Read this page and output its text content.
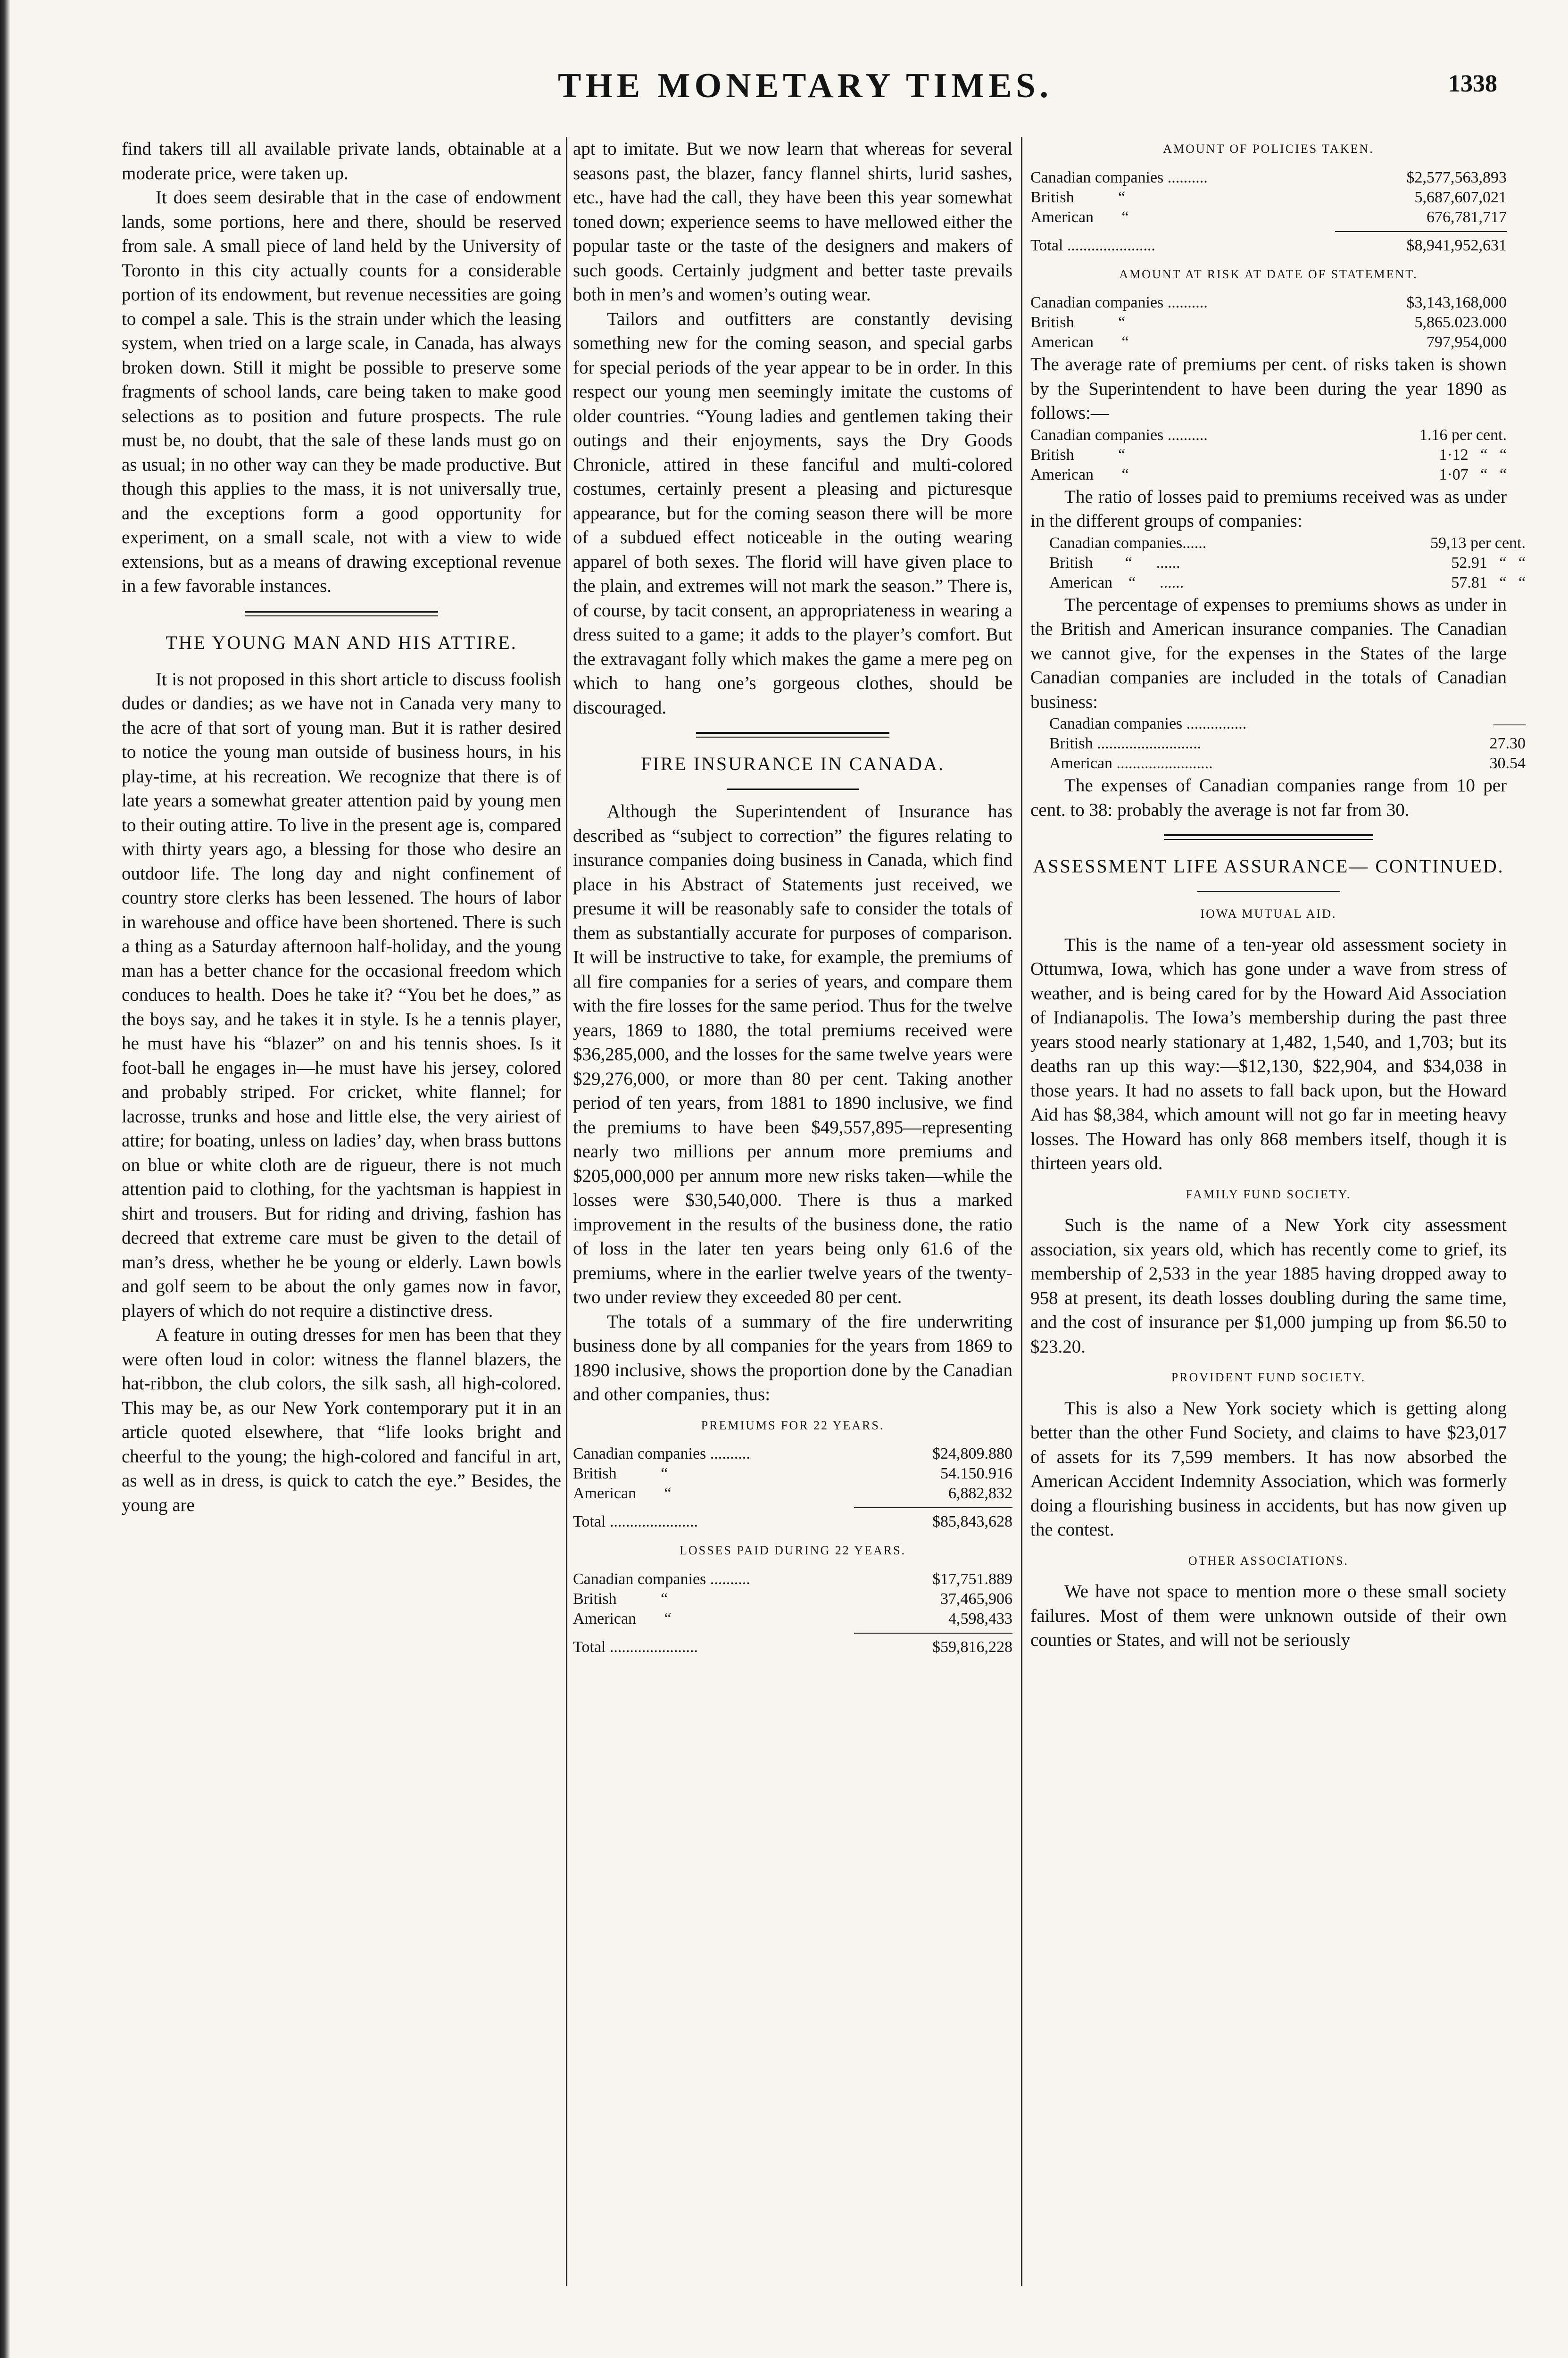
THE MONETARY TIMES.	1338

find takers till all available private lands, obtainable at a moderate price, were taken up.

It does seem desirable that in the case of endowment lands, some portions, here and there, should be reserved from sale. A small piece of land held by the University of Toronto in this city actually counts for a considerable portion of its endowment, but revenue necessities are going to compel a sale. This is the strain under which the leasing system, when tried on a large scale, in Canada, has always broken down. Still it might be possible to preserve some fragments of school lands, care being taken to make good selections as to position and future prospects. The rule must be, no doubt, that the sale of these lands must go on as usual; in no other way can they be made productive. But though this applies to the mass, it is not universally true, and the exceptions form a good opportunity for experiment, on a small scale, not with a view to wide extensions, but as a means of drawing exceptional revenue in a few favorable instances.

THE YOUNG MAN AND HIS ATTIRE.

It is not proposed in this short article to discuss foolish dudes or dandies; as we have not in Canada very many to the acre of that sort of young man. But it is rather desired to notice the young man outside of business hours, in his play-time, at his recreation. We recognize that there is of late years a somewhat greater attention paid by young men to their outing attire. To live in the present age is, compared with thirty years ago, a blessing for those who desire an outdoor life. The long day and night confinement of country store clerks has been lessened. The hours of labor in warehouse and office have been shortened. There is such a thing as a Saturday afternoon half-holiday, and the young man has a better chance for the occasional freedom which conduces to health. Does he take it? “You bet he does,” as the boys say, and he takes it in style. Is he a tennis player, he must have his “blazer” on and his tennis shoes. Is it foot-ball he engages in—he must have his jersey, colored and probably striped. For cricket, white flannel; for lacrosse, trunks and hose and little else, the very airiest of attire; for boating, unless on ladies’ day, when brass buttons on blue or white cloth are de rigueur, there is not much attention paid to clothing, for the yachtsman is happiest in shirt and trousers. But for riding and driving, fashion has decreed that extreme care must be given to the detail of man’s dress, whether he be young or elderly. Lawn bowls and golf seem to be about the only games now in favor, players of which do not require a distinctive dress.

A feature in outing dresses for men has been that they were often loud in color: witness the flannel blazers, the hat-ribbon, the club colors, the silk sash, all high-colored. This may be, as our New York contemporary put it in an article quoted elsewhere, that “life looks bright and cheerful to the young; the high-colored and fanciful in art, as well as in dress, is quick to catch the eye.” Besides, the young are

apt to imitate. But we now learn that whereas for several seasons past, the blazer, fancy flannel shirts, lurid sashes, etc., have had the call, they have been this year somewhat toned down; experience seems to have mellowed either the popular taste or the taste of the designers and makers of such goods. Certainly judgment and better taste prevails both in men’s and women’s outing wear.

Tailors and outfitters are constantly devising something new for the coming season, and special garbs for special periods of the year appear to be in order. In this respect our young men seemingly imitate the customs of older countries. “Young ladies and gentlemen taking their outings and their enjoyments, says the Dry Goods Chronicle, attired in these fanciful and multi-colored costumes, certainly present a pleasing and picturesque appearance, but for the coming season there will be more of a subdued effect noticeable in the outing wearing apparel of both sexes. The florid will have given place to the plain, and extremes will not mark the season.” There is, of course, by tacit consent, an appropriateness in wearing a dress suited to a game; it adds to the player’s comfort. But the extravagant folly which makes the game a mere peg on which to hang one’s gorgeous clothes, should be discouraged.

FIRE INSURANCE IN CANADA.

Although the Superintendent of Insurance has described as “subject to correction” the figures relating to insurance companies doing business in Canada, which find place in his Abstract of Statements just received, we presume it will be reasonably safe to consider the totals of them as substantially accurate for purposes of comparison. It will be instructive to take, for example, the premiums of all fire companies for a series of years, and compare them with the fire losses for the same period. Thus for the twelve years, 1869 to 1880, the total premiums received were $36,285,000, and the losses for the same twelve years were $29,276,000, or more than 80 per cent. Taking another period of ten years, from 1881 to 1890 inclusive, we find the premiums to have been $49,557,895—representing nearly two millions per annum more premiums and $205,000,000 per annum more new risks taken—while the losses were $30,540,000. There is thus a marked improvement in the results of the business done, the ratio of loss in the later ten years being only 61.6 of the premiums, where in the earlier twelve years of the twenty-two under review they exceeded 80 per cent.

The totals of a summary of the fire underwriting business done by all companies for the years from 1869 to 1890 inclusive, shows the proportion done by the Canadian and other companies, thus:

PREMIUMS FOR 22 YEARS.
Canadian companies ..........	$24,809.880
British           “	54.150.916
American       “	6,882,832
Total ......................	$85,843,628
LOSSES PAID DURING 22 YEARS.
Canadian companies ..........	$17,751.889
British           “	37,465,906
American       “	4,598,433
Total ......................	$59,816,228
AMOUNT OF POLICIES TAKEN.
Canadian companies ..........	$2,577,563,893
British           “	5,687,607,021
American       “	676,781,717
Total ......................	$8,941,952,631
AMOUNT AT RISK AT DATE OF STATEMENT.
Canadian companies ..........	$3,143,168,000
British           “	5,865.023.000
American       “	797,954,000

The average rate of premiums per cent. of risks taken is shown by the Superintendent to have been during the year 1890 as follows:—

Canadian companies ..........	1.16 per cent.
British           “	1·12   “   “
American       “	1·07   “   “

The ratio of losses paid to premiums received was as under in the different groups of companies:

Canadian companies......	59,13 per cent.
British        “      ......	52.91   “   “
American    “      ......	57.81   “   “

The percentage of expenses to premiums shows as under in the British and American insurance companies. The Canadian we cannot give, for the expenses in the States of the large Canadian companies are included in the totals of Canadian business:

Canadian companies ...............	——
British ..........................	27.30
American ........................	30.54

The expenses of Canadian companies range from 10 per cent. to 38: probably the average is not far from 30.

ASSESSMENT LIFE ASSURANCE— CONTINUED.
IOWA MUTUAL AID.

This is the name of a ten-year old assessment society in Ottumwa, Iowa, which has gone under a wave from stress of weather, and is being cared for by the Howard Aid Association of Indianapolis. The Iowa’s membership during the past three years stood nearly stationary at 1,482, 1,540, and 1,703; but its deaths ran up this way:—$12,130, $22,904, and $34,038 in those years. It had no assets to fall back upon, but the Howard Aid has $8,384, which amount will not go far in meeting heavy losses. The Howard has only 868 members itself, though it is thirteen years old.

FAMILY FUND SOCIETY.

Such is the name of a New York city assessment association, six years old, which has recently come to grief, its membership of 2,533 in the year 1885 having dropped away to 958 at present, its death losses doubling during the same time, and the cost of insurance per $1,000 jumping up from $6.50 to $23.20.

PROVIDENT FUND SOCIETY.

This is also a New York society which is getting along better than the other Fund Society, and claims to have $23,017 of assets for its 7,599 members. It has now absorbed the American Accident Indemnity Association, which was formerly doing a flourishing business in accidents, but has now given up the contest.

OTHER ASSOCIATIONS.

We have not space to mention more o these small society failures. Most of them were unknown outside of their own counties or States, and will not be seriously
